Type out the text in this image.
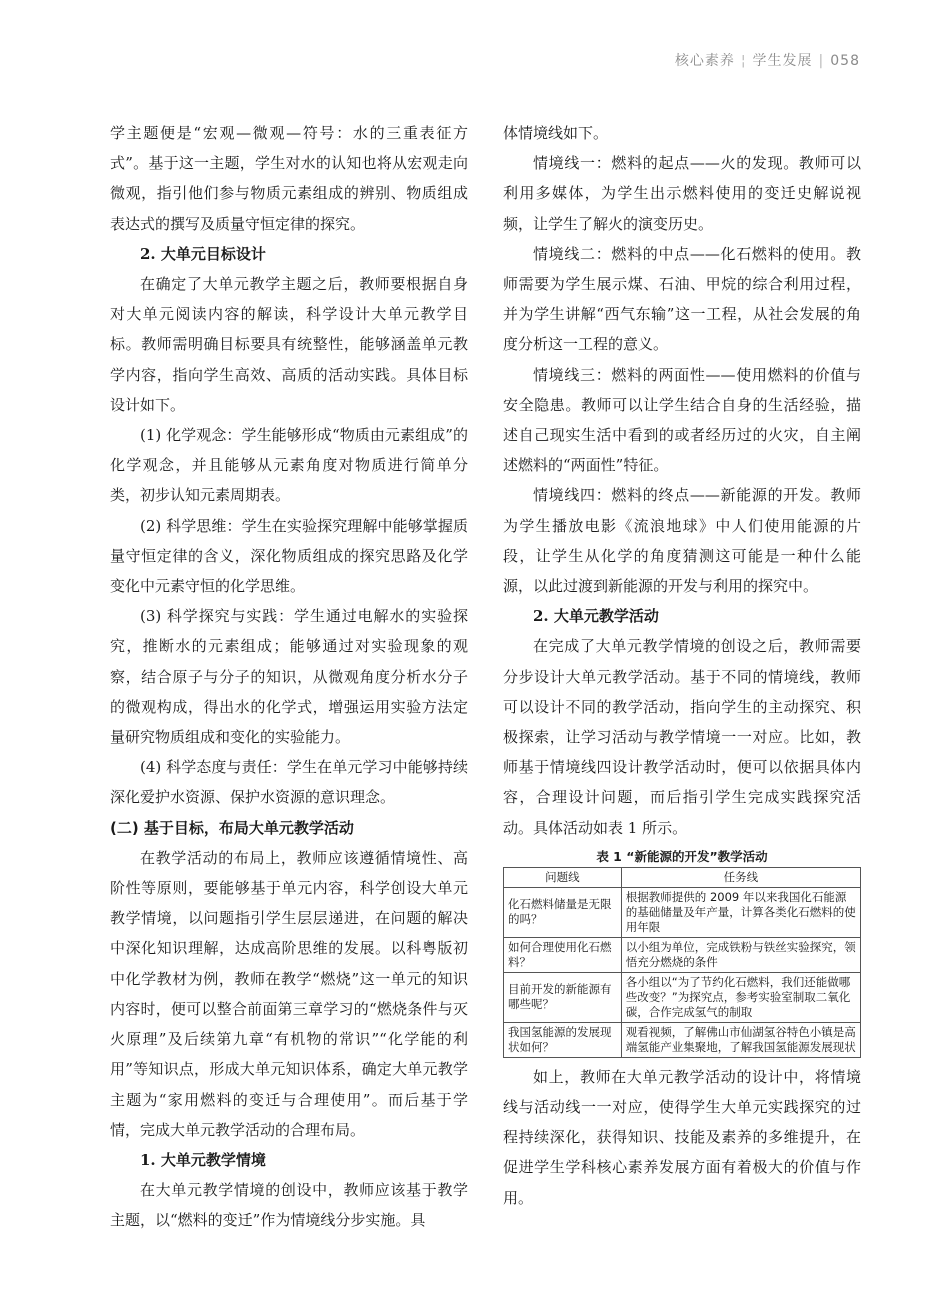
核心素养 ¦ 学生发展 | 058

学主题便是“宏观—微观—符号：水的三重表征方式”。基于这一主题，学生对水的认知也将从宏观走向微观，指引他们参与物质元素组成的辨别、物质组成表达式的撰写及质量守恒定律的探究。

2. 大单元目标设计

在确定了大单元教学主题之后，教师要根据自身对大单元阅读内容的解读，科学设计大单元教学目标。教师需明确目标要具有统整性，能够涵盖单元教学内容，指向学生高效、高质的活动实践。具体目标设计如下。

(1) 化学观念：学生能够形成“物质由元素组成”的化学观念，并且能够从元素角度对物质进行简单分类，初步认知元素周期表。

(2) 科学思维：学生在实验探究理解中能够掌握质量守恒定律的含义，深化物质组成的探究思路及化学变化中元素守恒的化学思维。

(3) 科学探究与实践：学生通过电解水的实验探究，推断水的元素组成；能够通过对实验现象的观察，结合原子与分子的知识，从微观角度分析水分子的微观构成，得出水的化学式，增强运用实验方法定量研究物质组成和变化的实验能力。

(4) 科学态度与责任：学生在单元学习中能够持续深化爱护水资源、保护水资源的意识理念。

(二) 基于目标，布局大单元教学活动

在教学活动的布局上，教师应该遵循情境性、高阶性等原则，要能够基于单元内容，科学创设大单元教学情境，以问题指引学生层层递进，在问题的解决中深化知识理解，达成高阶思维的发展。以科粤版初中化学教材为例，教师在教学“燃烧”这一单元的知识内容时，便可以整合前面第三章学习的“燃烧条件与灭火原理”及后续第九章“有机物的常识”“化学能的利用”等知识点，形成大单元知识体系，确定大单元教学主题为“家用燃料的变迁与合理使用”。而后基于学情，完成大单元教学活动的合理布局。

1. 大单元教学情境

在大单元教学情境的创设中，教师应该基于教学主题，以“燃料的变迁”作为情境线分步实施。具

体情境线如下。

情境线一：燃料的起点——火的发现。教师可以利用多媒体，为学生出示燃料使用的变迁史解说视频，让学生了解火的演变历史。

情境线二：燃料的中点——化石燃料的使用。教师需要为学生展示煤、石油、甲烷的综合利用过程，并为学生讲解“西气东输”这一工程，从社会发展的角度分析这一工程的意义。

情境线三：燃料的两面性——使用燃料的价值与安全隐患。教师可以让学生结合自身的生活经验，描述自己现实生活中看到的或者经历过的火灾，自主阐述燃料的“两面性”特征。

情境线四：燃料的终点——新能源的开发。教师为学生播放电影《流浪地球》中人们使用能源的片段，让学生从化学的角度猜测这可能是一种什么能源，以此过渡到新能源的开发与利用的探究中。

2. 大单元教学活动

在完成了大单元教学情境的创设之后，教师需要分步设计大单元教学活动。基于不同的情境线，教师可以设计不同的教学活动，指向学生的主动探究、积极探索，让学习活动与教学情境一一对应。比如，教师基于情境线四设计教学活动时，便可以依据具体内容，合理设计问题，而后指引学生完成实践探究活动。具体活动如表 1 所示。

表 1 “新能源的开发”教学活动
问题线	任务线
化石燃料储量是无限的吗？	根据教师提供的 2009 年以来我国化石能源的基础储量及年产量，计算各类化石燃料的使用年限
如何合理使用化石燃料？	以小组为单位，完成铁粉与铁丝实验探究，领悟充分燃烧的条件
目前开发的新能源有哪些呢？	各小组以“为了节约化石燃料，我们还能做哪些改变？”为探究点，参考实验室制取二氧化碳，合作完成氢气的制取
我国氢能源的发展现状如何？	观看视频，了解佛山市仙湖氢谷特色小镇是高端氢能产业集聚地，了解我国氢能源发展现状

如上，教师在大单元教学活动的设计中，将情境线与活动线一一对应，使得学生大单元实践探究的过程持续深化，获得知识、技能及素养的多维提升，在促进学生学科核心素养发展方面有着极大的价值与作用。
